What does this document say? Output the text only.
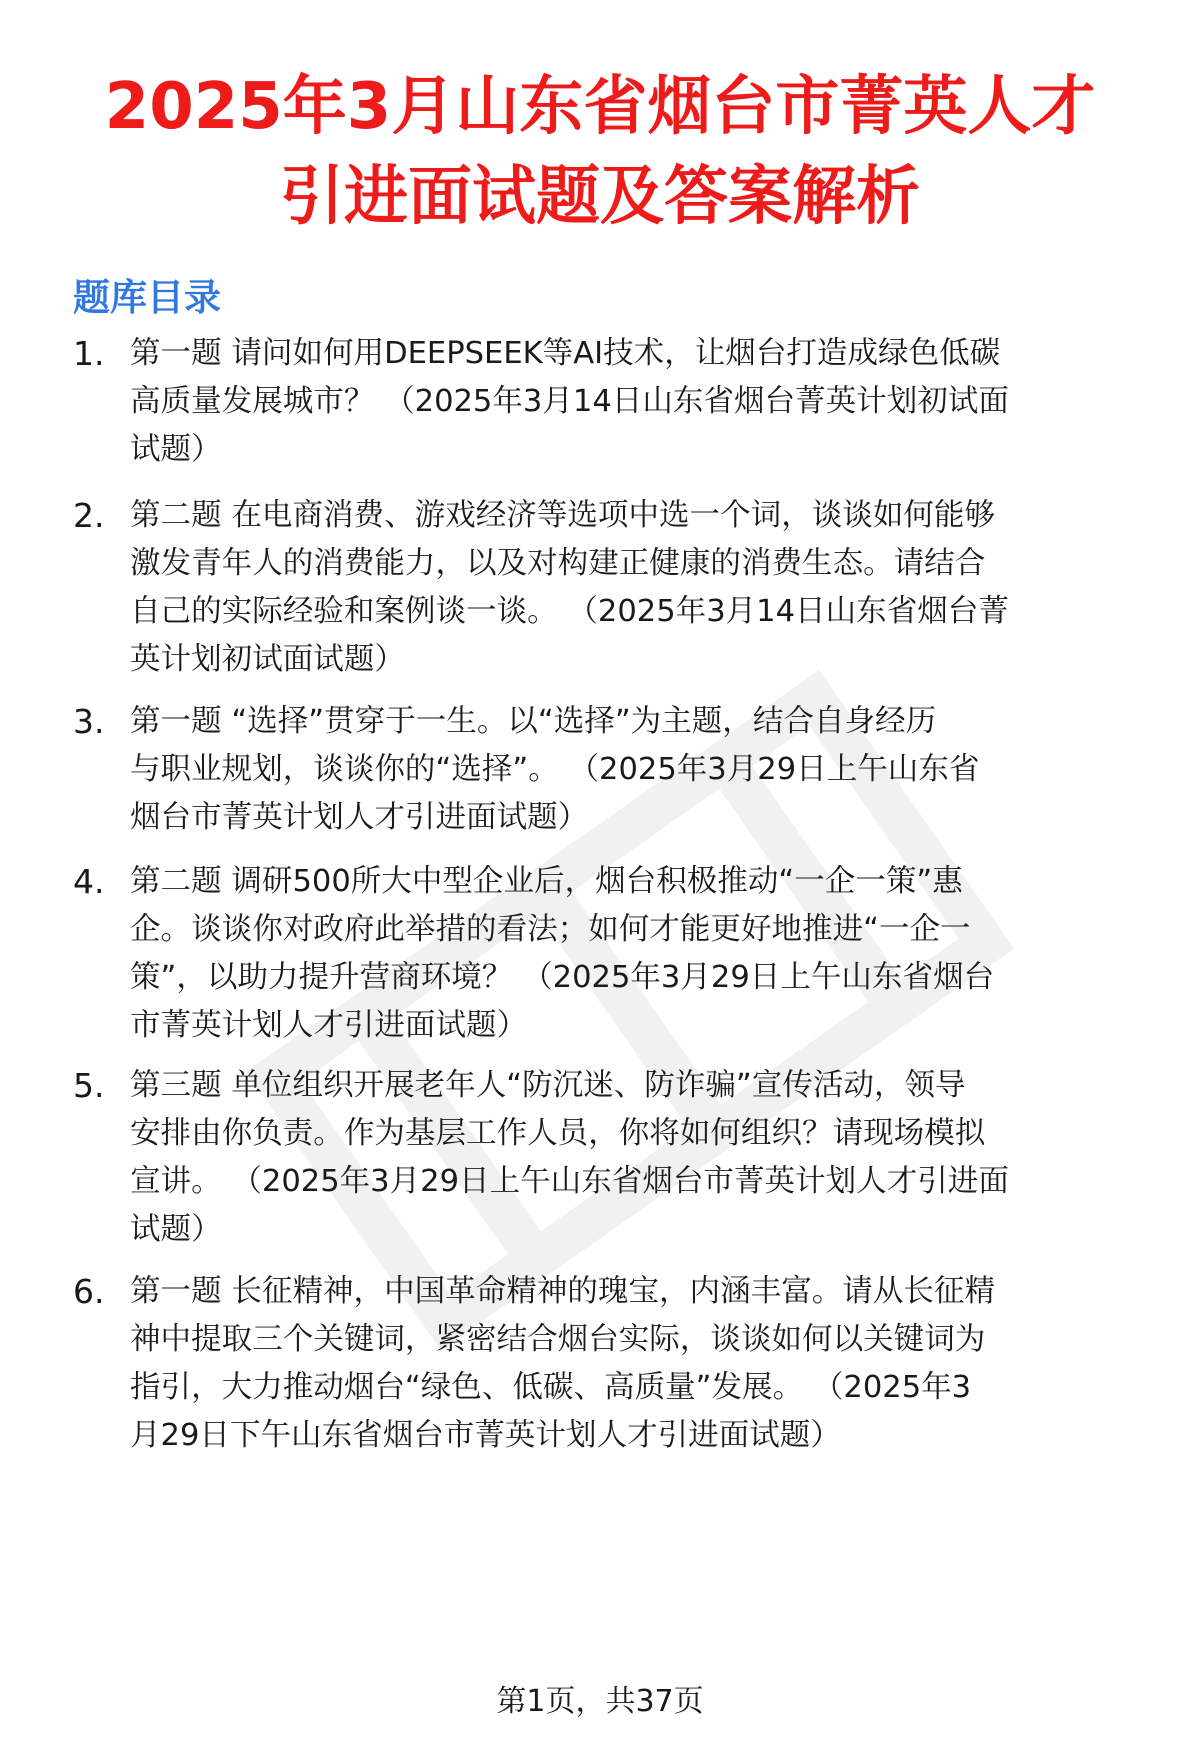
2025年3月山东省烟台市菁英人才
引进面试题及答案解析
题库目录
1. 第一题 请问如何用DEEPSEEK等AI技术，让烟台打造成绿色低碳
高质量发展城市？ （2025年3月14日山东省烟台菁英计划初试面
试题）
2. 第二题 在电商消费、游戏经济等选项中选一个词，谈谈如何能够
激发青年人的消费能力，以及对构建正健康的消费生态。请结合
自己的实际经验和案例谈一谈。 （2025年3月14日山东省烟台菁
英计划初试面试题）
3. 第一题 “选择”贯穿于一生。以“选择”为主题，结合自身经历
与职业规划，谈谈你的“选择”。 （2025年3月29日上午山东省
烟台市菁英计划人才引进面试题）
4. 第二题 调研500所大中型企业后，烟台积极推动“一企一策”惠
企。谈谈你对政府此举措的看法；如何才能更好地推进“一企一
策”，以助力提升营商环境？ （2025年3月29日上午山东省烟台
市菁英计划人才引进面试题）
5. 第三题 单位组织开展老年人“防沉迷、防诈骗”宣传活动，领导
安排由你负责。作为基层工作人员，你将如何组织？请现场模拟
宣讲。 （2025年3月29日上午山东省烟台市菁英计划人才引进面
试题）
6. 第一题 长征精神，中国革命精神的瑰宝，内涵丰富。请从长征精
神中提取三个关键词，紧密结合烟台实际，谈谈如何以关键词为
指引，大力推动烟台“绿色、低碳、高质量”发展。 （2025年3
月29日下午山东省烟台市菁英计划人才引进面试题）
第1页，共37页
